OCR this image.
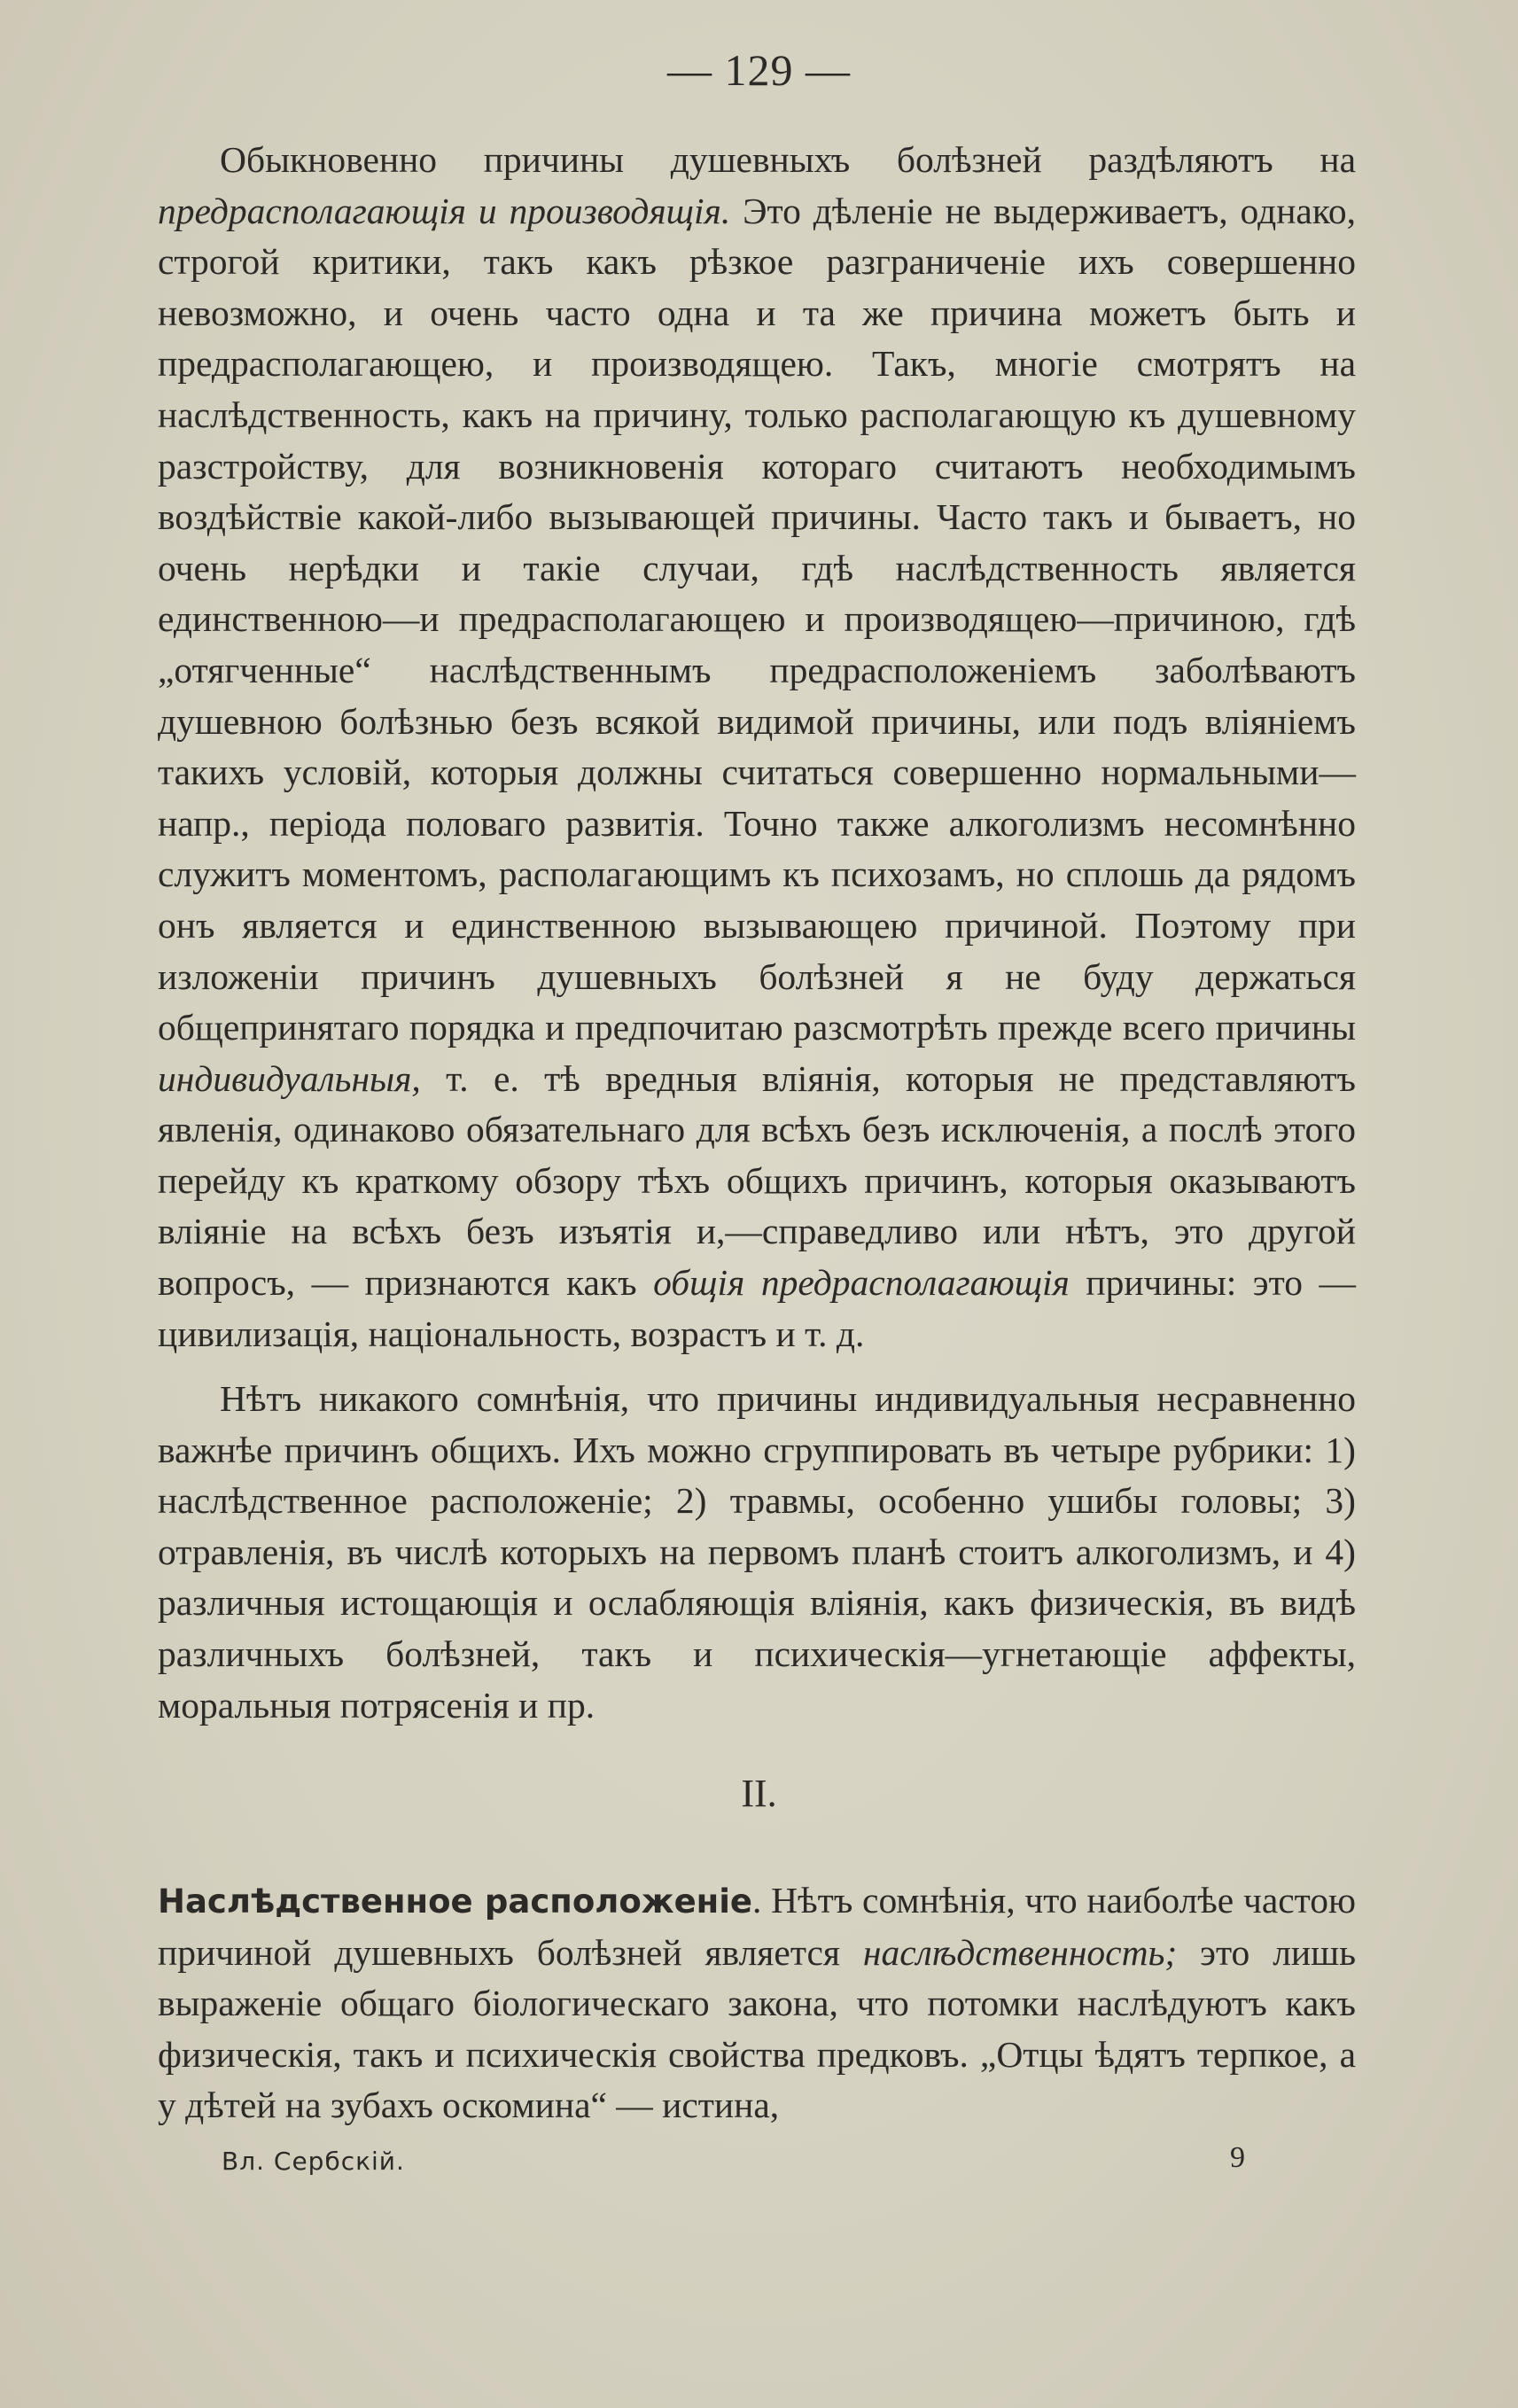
— 129 —

Обыкновенно причины душевныхъ болѣзней раздѣляютъ на предрасполагающія и производящія. Это дѣленіе не выдерживаетъ, однако, строгой критики, такъ какъ рѣзкое разграниченіе ихъ совершенно невозможно, и очень часто одна и та же причина можетъ быть и предрасполагающею, и производящею. Такъ, многіе смотрятъ на наслѣдственность, какъ на причину, только располагающую къ душевному разстройству, для возникновенія котораго считаютъ необходимымъ воздѣйствіе какой-либо вызывающей причины. Часто такъ и бываетъ, но очень нерѣдки и такіе случаи, гдѣ наслѣдственность является единственною—и предрасполагающею и производящею—причиною, гдѣ „отягченные“ наслѣдственнымъ предрасположеніемъ заболѣваютъ душевною болѣзнью безъ всякой видимой причины, или подъ вліяніемъ такихъ условій, которыя должны считаться совершенно нормальными—напр., періода половаго развитія. Точно также алкоголизмъ несомнѣнно служитъ моментомъ, располагающимъ къ психозамъ, но сплошь да рядомъ онъ является и единственною вызывающею причиной. Поэтому при изложеніи причинъ душевныхъ болѣзней я не буду держаться общепринятаго порядка и предпочитаю разсмотрѣть прежде всего причины индивидуальныя, т. е. тѣ вредныя вліянія, которыя не представляютъ явленія, одинаково обязательнаго для всѣхъ безъ исключенія, а послѣ этого перейду къ краткому обзору тѣхъ общихъ причинъ, которыя оказываютъ вліяніе на всѣхъ безъ изъятія и,—справедливо или нѣтъ, это другой вопросъ, — признаются какъ общія предрасполагающія причины: это — цивилизація, національность, возрастъ и т. д.

Нѣтъ никакого сомнѣнія, что причины индивидуальныя несравненно важнѣе причинъ общихъ. Ихъ можно сгруппировать въ четыре рубрики: 1) наслѣдственное расположеніе; 2) травмы, особенно ушибы головы; 3) отравленія, въ числѣ которыхъ на первомъ планѣ стоитъ алкоголизмъ, и 4) различныя истощающія и ослабляющія вліянія, какъ физическія, въ видѣ различныхъ болѣзней, такъ и психическія—угнетающіе аффекты, моральныя потрясенія и пр.

II.

Наслѣдственное расположеніе. Нѣтъ сомнѣнія, что наиболѣе частою причиной душевныхъ болѣзней является наслѣдственность; это лишь выраженіе общаго біологическаго закона, что потомки наслѣдуютъ какъ физическія, такъ и психическія свойства предковъ. „Отцы ѣдятъ терпкое, а у дѣтей на зубахъ оскомина“ — истина,

Вл. Сербскій.	9
